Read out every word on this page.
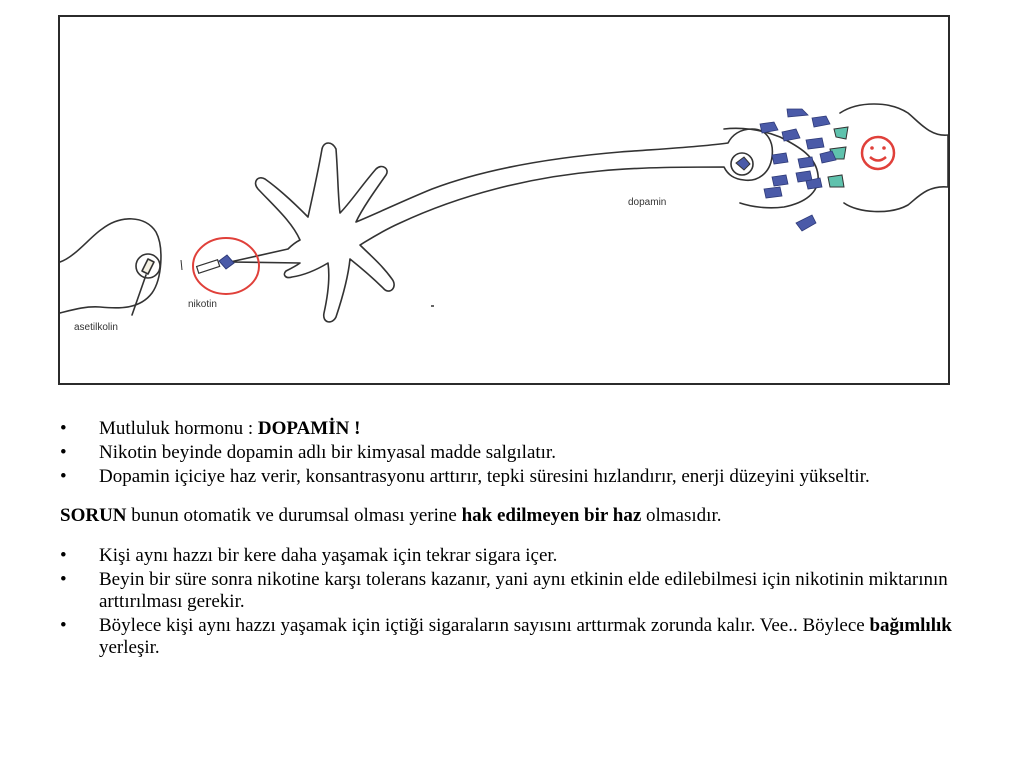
asetilkolin
nikotin
dopamin
• Mutluluk hormonu : DOPAMİN !
• Nikotin beyinde dopamin adlı bir kimyasal madde salgılatır.
• Dopamin içiciye haz verir, konsantrasyonu arttırır, tepki süresini hızlandırır, enerji düzeyini yükseltir.

SORUN bunun otomatik ve durumsal olması yerine hak edilmeyen bir haz olmasıdır.

• Kişi aynı hazzı bir kere daha yaşamak için tekrar sigara içer.
• Beyin bir süre sonra nikotine karşı tolerans kazanır, yani aynı etkinin elde edilebilmesi için nikotinin miktarının arttırılması gerekir.
• Böylece kişi aynı hazzı yaşamak için içtiği sigaraların sayısını arttırmak zorunda kalır. Vee.. Böylece bağımlılık yerleşir.
